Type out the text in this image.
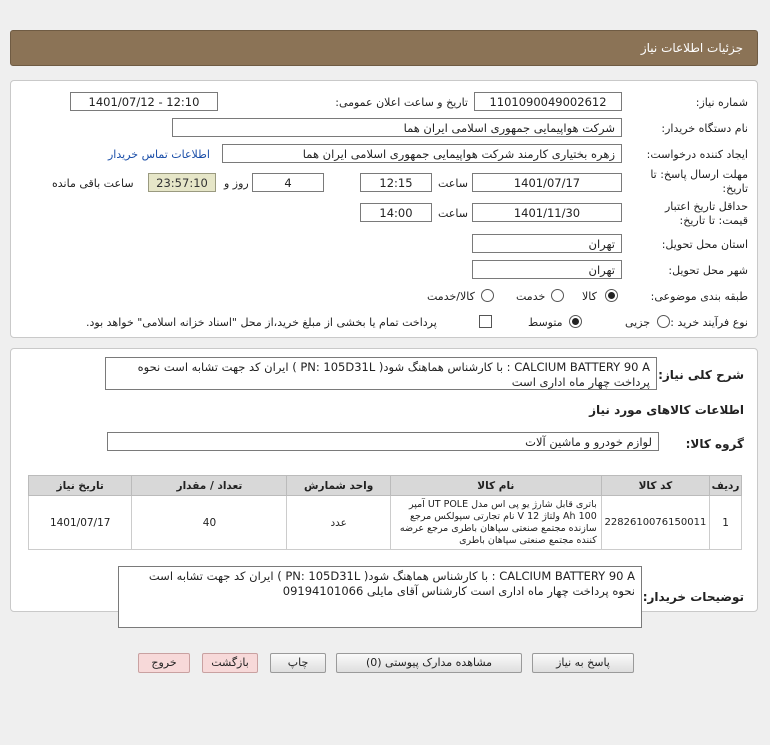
جزئیات اطلاعات نیاز
شماره نیاز:
1101090049002612
تاریخ و ساعت اعلان عمومی:
1401/07/12 - 12:10
نام دستگاه خریدار:
شرکت هواپیمایی جمهوری اسلامی ایران هما
ایجاد کننده درخواست:
زهره بختیاری کارمند شرکت هواپیمایی جمهوری اسلامی ایران هما
اطلاعات تماس خریدار
مهلت ارسال پاسخ: تا
تاریخ:
1401/07/17
ساعت
12:15
4
روز و
23:57:10
ساعت باقی مانده
حداقل تاریخ اعتبار
قیمت: تا تاریخ:
1401/11/30
ساعت
14:00
استان محل تحویل:
تهران
شهر محل تحویل:
تهران
طبقه بندی موضوعی:
کالا
خدمت
کالا/خدمت
نوع فرآیند خرید :
جزیی
متوسط
پرداخت تمام یا بخشی از مبلغ خرید،از محل "اسناد خزانه اسلامی" خواهد بود.
شرح کلی نیاز:
CALCIUM BATTERY 90 A : با کارشناس هماهنگ شود( PN: 105D31L ) ایران کد جهت تشابه است نحوه پرداخت چهار ماه اداری است
اطلاعات کالاهای مورد نیاز
گروه کالا:
لوازم خودرو و ماشین آلات
ردیف	کد کالا	نام کالا	واحد شمارش	تعداد / مقدار	تاریخ نیاز
1	2282610076150011	باتری قابل شارژ یو پی اس مدل UT POLE آمپر 100 Ah ولتاژ 12 V نام تجارتی سپولکس مرجع سازنده مجتمع صنعتی سپاهان باطری مرجع عرضه کننده مجتمع صنعتی سپاهان باطری	عدد	40	1401/07/17
توضیحات خریدار:
CALCIUM BATTERY 90 A : با کارشناس هماهنگ شود( PN: 105D31L ) ایران کد جهت تشابه است نحوه پرداخت چهار ماه اداری است کارشناس آقای مایلی 09194101066
پاسخ به نیاز
مشاهده مدارک پیوستی (0)
چاپ
بازگشت
خروج
